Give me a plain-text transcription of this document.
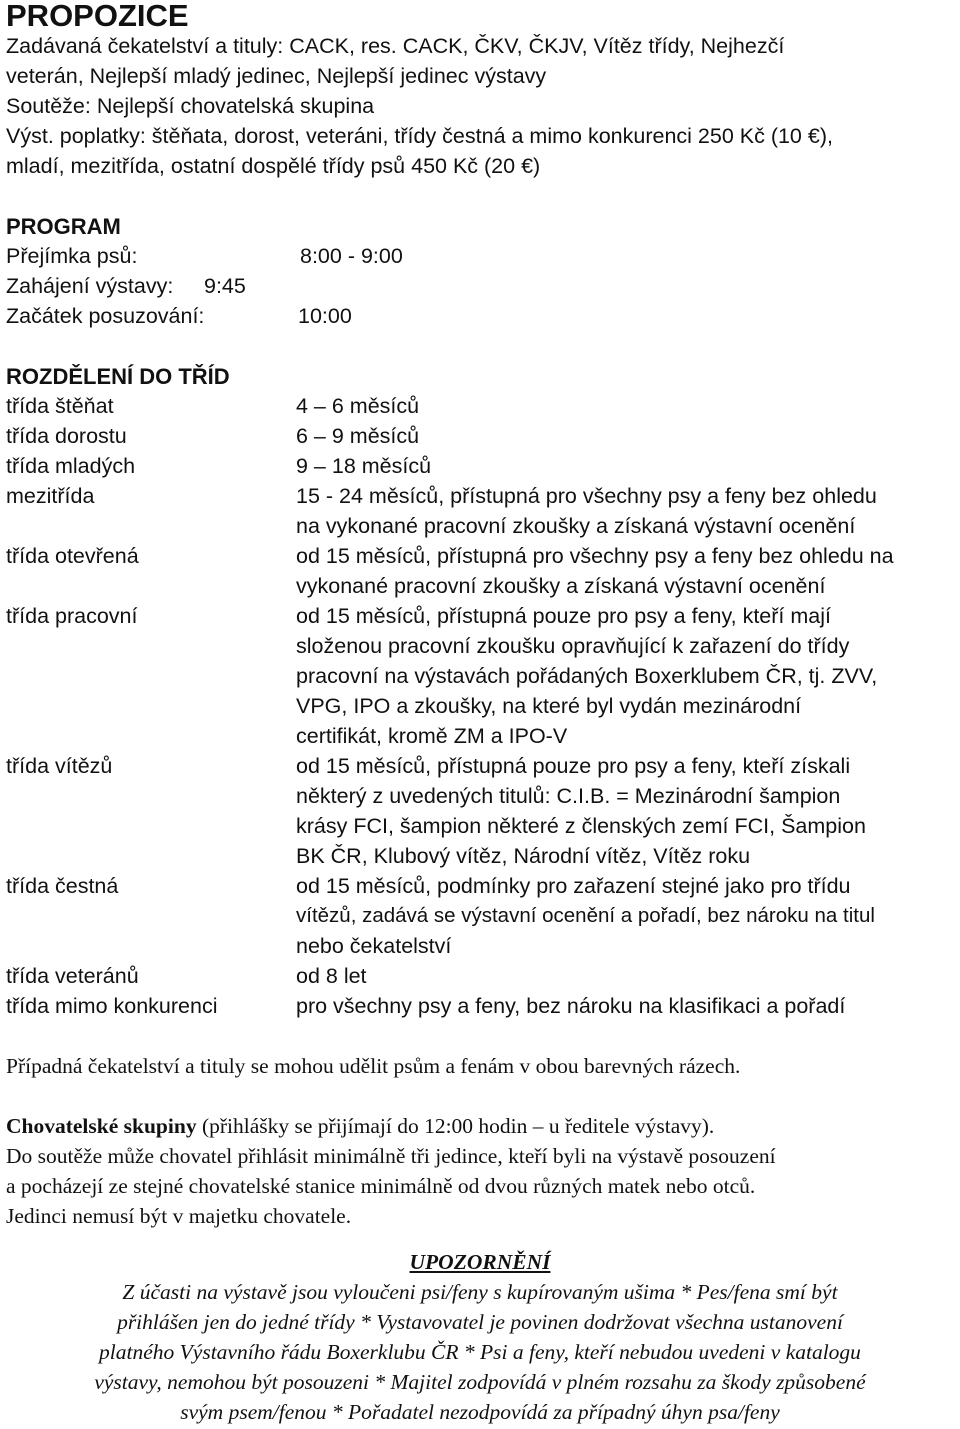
PROPOZICE
Zadávaná čekatelství a tituly: CACK, res. CACK, ČKV, ČKJV, Vítěz třídy, Nejhezčí
veterán, Nejlepší mladý jedinec, Nejlepší jedinec výstavy
Soutěže: Nejlepší chovatelská skupina
Výst. poplatky: štěňata, dorost, veteráni, třídy čestná a mimo konkurenci 250 Kč (10 €),
mladí, mezitřída, ostatní dospělé třídy psů 450 Kč (20 €)
PROGRAM
Přejímka psů:	8:00 - 9:00
Zahájení výstavy: 9:45
Začátek posuzování:	10:00
ROZDĚLENÍ DO TŘÍD
třída štěňat
třída dorostu
třída mladých
mezitřída
třída otevřená
třída pracovní
třída vítězů
třída čestná
třída veteránů
třída mimo konkurenci
4 – 6 měsíců
6 – 9 měsíců
9 – 18 měsíců
15 - 24 měsíců, přístupná pro všechny psy a feny bez ohledu
na vykonané pracovní zkoušky a získaná výstavní ocenění
od 15 měsíců, přístupná pro všechny psy a feny bez ohledu na
vykonané pracovní zkoušky a získaná výstavní ocenění
od 15 měsíců, přístupná pouze pro psy a feny, kteří mají
složenou pracovní zkoušku opravňující k zařazení do třídy
pracovní na výstavách pořádaných Boxerklubem ČR, tj. ZVV,
VPG, IPO a zkoušky, na které byl vydán mezinárodní
certifikát, kromě ZM a IPO-V
od 15 měsíců, přístupná pouze pro psy a feny, kteří získali
některý z uvedených titulů: C.I.B. = Mezinárodní šampion
krásy FCI, šampion některé z členských zemí FCI, Šampion
BK ČR, Klubový vítěz, Národní vítěz, Vítěz roku
od 15 měsíců, podmínky pro zařazení stejné jako pro třídu
vítězů, zadává se výstavní ocenění a pořadí, bez nároku na titul
nebo čekatelství
od 8 let
pro všechny psy a feny, bez nároku na klasifikaci a pořadí
Případná čekatelství a tituly se mohou udělit psům a fenám v obou barevných rázech.
Chovatelské skupiny (přihlášky se přijímají do 12:00 hodin – u ředitele výstavy).
Do soutěže může chovatel přihlásit minimálně tři jedince, kteří byli na výstavě posouzení
a pocházejí ze stejné chovatelské stanice minimálně od dvou různých matek nebo otců.
Jedinci nemusí být v majetku chovatele.
UPOZORNĚNÍ
Z účasti na výstavě jsou vyloučeni psi/feny s kupírovaným ušima * Pes/fena smí být
přihlášen jen do jedné třídy * Vystavovatel je povinen dodržovat všechna ustanovení
platného Výstavního řádu Boxerklubu ČR * Psi a feny, kteří nebudou uvedeni v katalogu
výstavy, nemohou být posouzeni * Majitel zodpovídá v plném rozsahu za škody způsobené
svým psem/fenou * Pořadatel nezodpovídá za případný úhyn psa/feny
